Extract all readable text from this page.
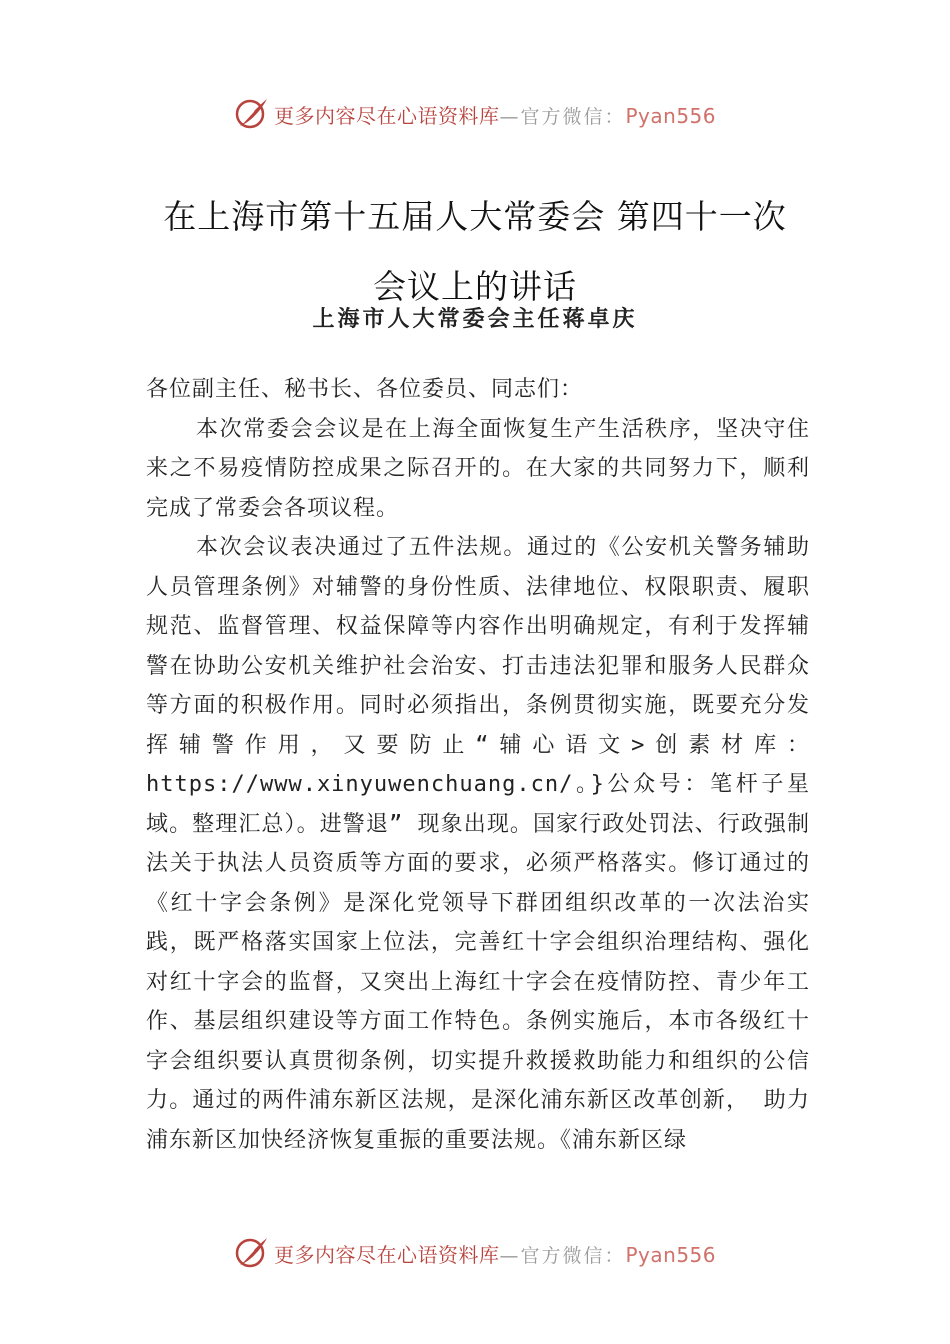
更多内容尽在心语资料库—官方微信：Pyan556
在上海市第十五届人大常委会 第四十一次
会议上的讲话
上海市人大常委会主任蒋卓庆

各位副主任、秘书长、各位委员、同志们：

本次常委会会议是在上海全面恢复生产生活秩序，坚决守住来之不易疫情防控成果之际召开的。在大家的共同努力下，顺利完成了常委会各项议程。

本次会议表决通过了五件法规。通过的《公安机关警务辅助人员管理条例》对辅警的身份性质、法律地位、权限职责、履职规范、监督管理、权益保障等内容作出明确规定，有利于发挥辅警在协助公安机关维护社会治安、打击违法犯罪和服务人民群众等方面的积极作用。同时必须指出，条例贯彻实施，既要充分发挥辅警作用，又要防止“辅心语文>创素材库：https://www.xinyuwenchuang.cn/。}公众号：笔杆子星域。整理汇总）。进警退” 现象出现。国家行政处罚法、行政强制法关于执法人员资质等方面的要求，必须严格落实。修订通过的《红十字会条例》是深化党领导下群团组织改革的一次法治实践，既严格落实国家上位法，完善红十字会组织治理结构、强化对红十字会的监督，又突出上海红十字会在疫情防控、青少年工作、基层组织建设等方面工作特色。条例实施后，本市各级红十字会组织要认真贯彻条例，切实提升救援救助能力和组织的公信力。通过的两件浦东新区法规，是深化浦东新区改革创新， 助力浦东新区加快经济恢复重振的重要法规。《浦东新区绿

更多内容尽在心语资料库—官方微信：Pyan556
